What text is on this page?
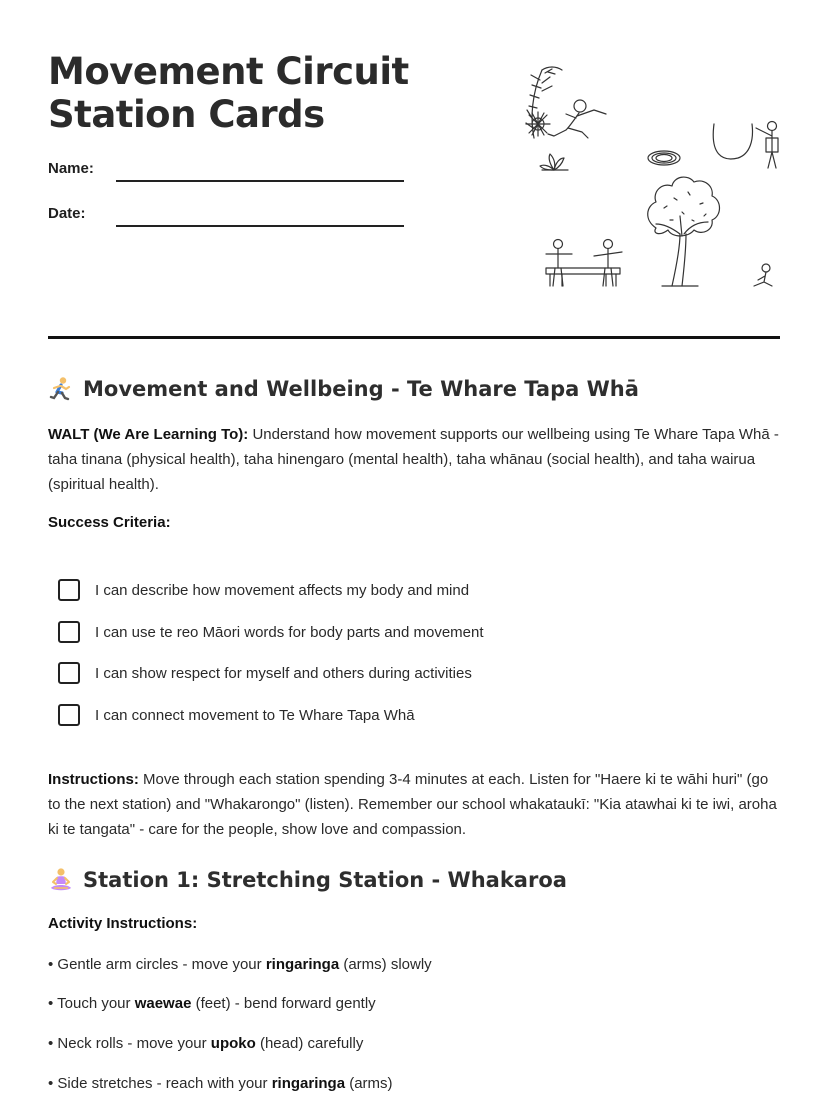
Movement Circuit
Station Cards
Name:
Date:
Movement and Wellbeing - Te Whare Tapa Whā
WALT (We Are Learning To): Understand how movement supports our wellbeing using Te Whare Tapa Whā - taha tinana (physical health), taha hinengaro (mental health), taha whānau (social health), and taha wairua (spiritual health).
Success Criteria:
I can describe how movement affects my body and mind
I can use te reo Māori words for body parts and movement
I can show respect for myself and others during activities
I can connect movement to Te Whare Tapa Whā
Instructions: Move through each station spending 3-4 minutes at each. Listen for "Haere ki te wāhi huri" (go to the next station) and "Whakarongo" (listen). Remember our school whakataukī: "Kia atawhai ki te iwi, aroha ki te tangata" - care for the people, show love and compassion.
Station 1: Stretching Station - Whakaroa
Activity Instructions:
• Gentle arm circles - move your ringaringa (arms) slowly
• Touch your waewae (feet) - bend forward gently
• Neck rolls - move your upoko (head) carefully
• Side stretches - reach with your ringaringa (arms)
